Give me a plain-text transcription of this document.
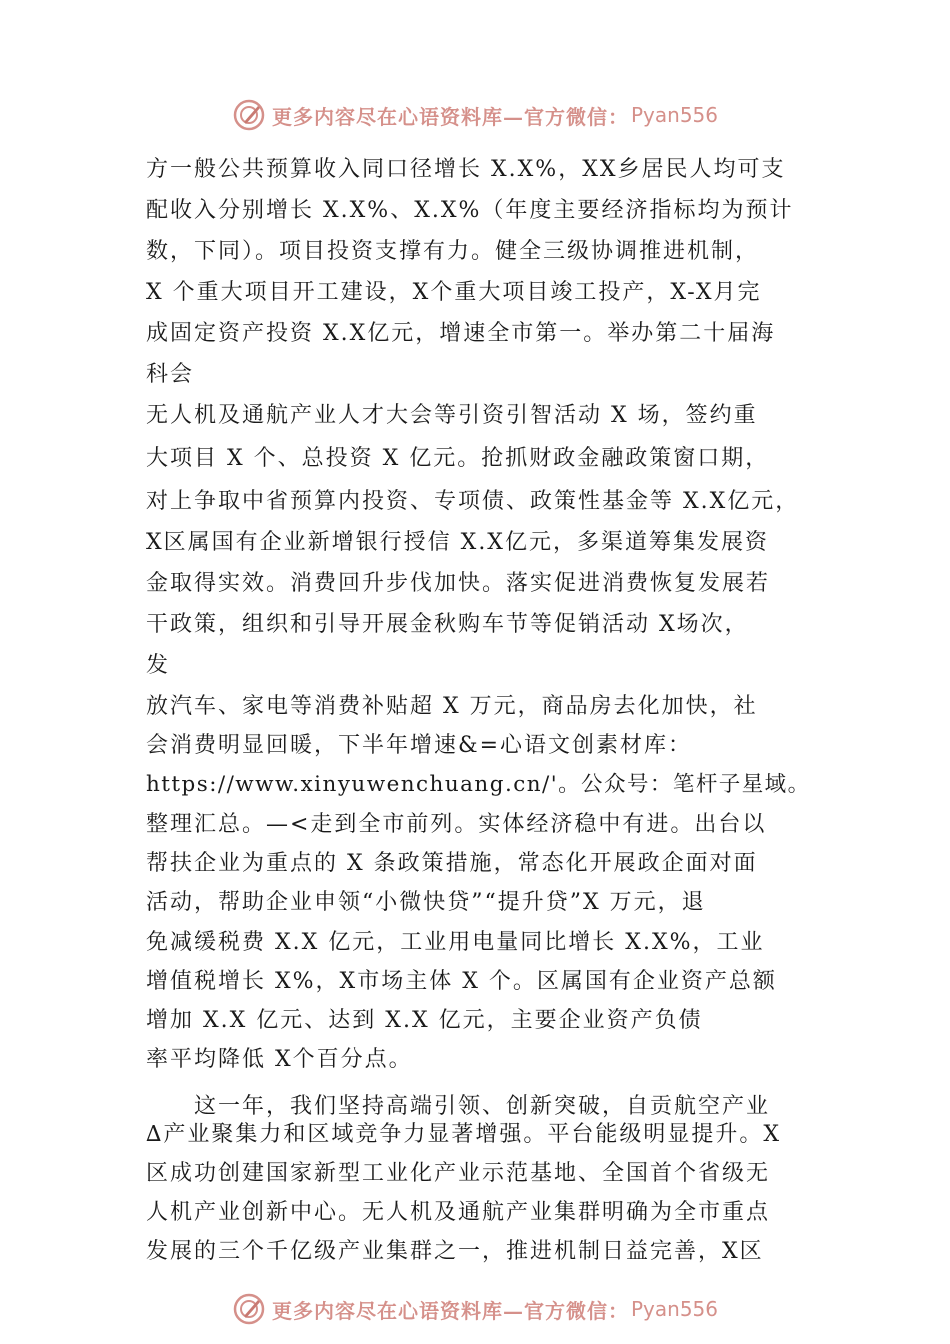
更多内容尽在心语资料库—官方微信： Pyan556
方一般公共预算收入同口径增长 X.X%，XX乡居民人均可支
配收入分别增长 X.X%、X.X%（年度主要经济指标均为预计
数，下同）。项目投资支撑有力。健全三级协调推进机制，
X 个重大项目开工建设，X个重大项目竣工投产，X-X月完
成固定资产投资 X.X亿元，增速全市第一。举办第二十届海
科会
无人机及通航产业人才大会等引资引智活动 X 场，签约重
大项目 X 个、总投资 X 亿元。抢抓财政金融政策窗口期，
对上争取中省预算内投资、专项债、政策性基金等 X.X亿元，
X区属国有企业新增银行授信 X.X亿元，多渠道筹集发展资
金取得实效。消费回升步伐加快。落实促进消费恢复发展若
干政策，组织和引导开展金秋购车节等促销活动 X场次，
发
放汽车、家电等消费补贴超 X 万元，商品房去化加快，社
会消费明显回暖，下半年增速&=心语文创素材库：
https://www.xinyuwenchuang.cn/'。公众号：笔杆子星域。
整理汇总。—<走到全市前列。实体经济稳中有进。出台以
帮扶企业为重点的 X 条政策措施，常态化开展政企面对面
活动，帮助企业申领“小微快贷”“提升贷”X 万元，退
免减缓税费 X.X 亿元，工业用电量同比增长 X.X%，工业
增值税增长 X%，X市场主体 X 个。区属国有企业资产总额
增加 X.X 亿元、达到 X.X 亿元，主要企业资产负债
率平均降低 X个百分点。
　　这一年，我们坚持高端引领、创新突破，自贡航空产业
∆产业聚集力和区域竞争力显著增强。平台能级明显提升。X
区成功创建国家新型工业化产业示范基地、全国首个省级无
人机产业创新中心。无人机及通航产业集群明确为全市重点
发展的三个千亿级产业集群之一，推进机制日益完善，X区
更多内容尽在心语资料库—官方微信： Pyan556
